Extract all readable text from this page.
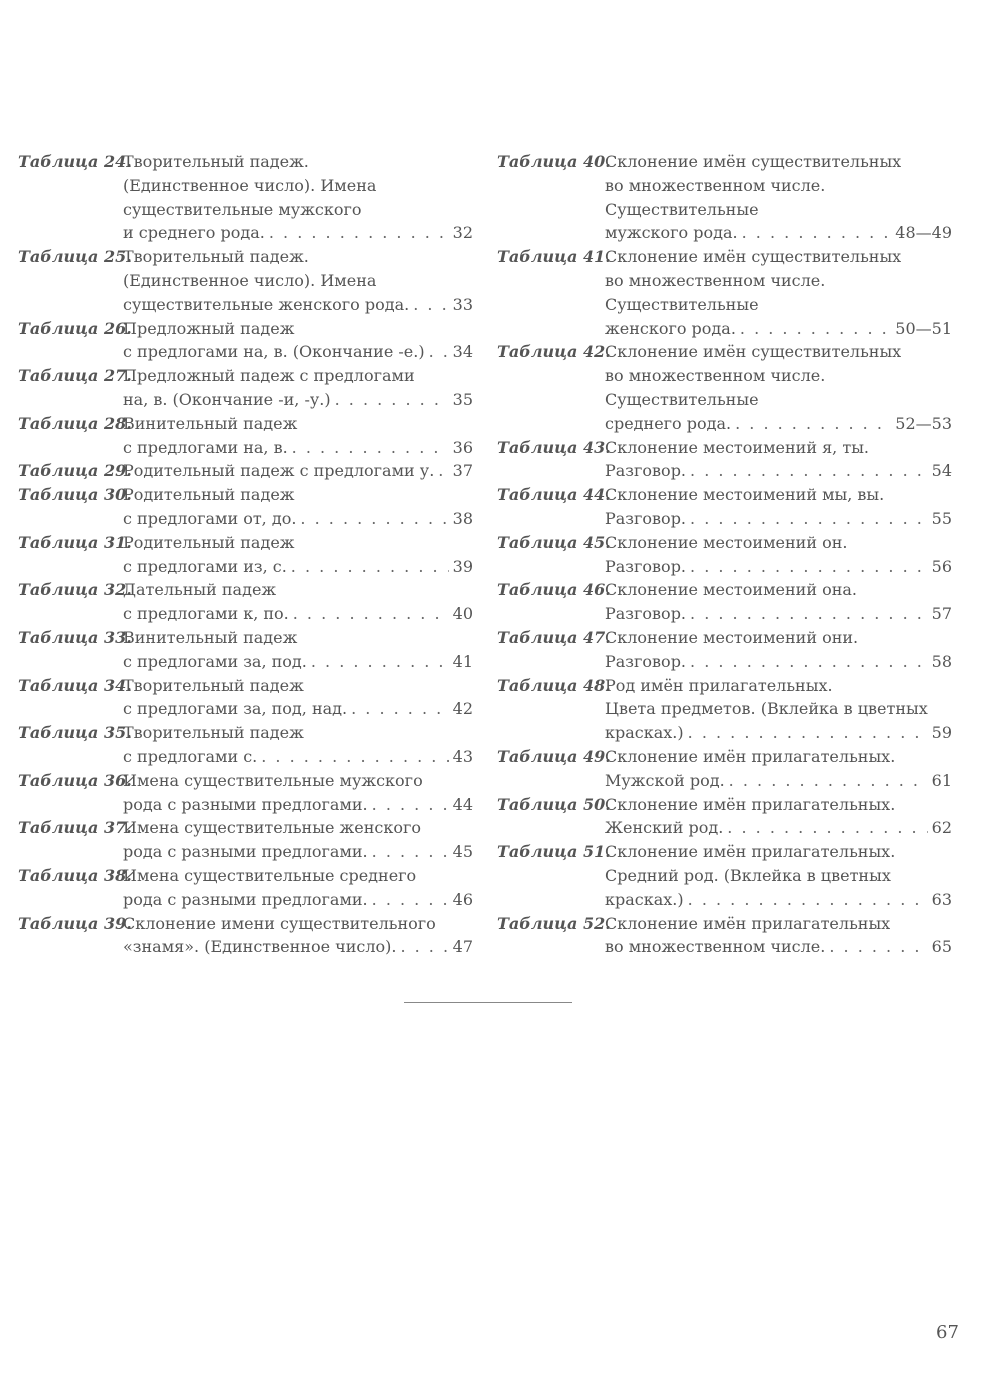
Таблица 24.
Творительный падеж.
(Единственное число). Имена
существительные мужского
и среднего рода. . . .	32
Таблица 25.
Творительный падеж.
(Единственное число). Имена
существительные женского рода. . . .	33
Таблица 26.
Предложный падеж
с предлогами на, в. (Окончание -е.) . . . 34
Таблица 27.
Предложный падеж с предлогами
на, в. (Окончание -и, -у.) . . .	35
Таблица 28.
Винительный падеж
с предлогами на, в. . . .	36
Таблица 29.
Родительный падеж с предлогами у. . . . 37
Таблица 30.
Родительный падеж
с предлогами от, до. . . .	38
Таблица 31.
Родительный падеж
с предлогами из, с. . . .	39
Таблица 32.
Дательный падеж
с предлогами к, по. . . .	40
Таблица 33.
Винительный падеж
с предлогами за, под. . . .	41
Таблица 34.
Творительный падеж
с предлогами за, под, над. . . .	42
Таблица 35.
Творительный падеж
с предлогами с. . . .	43
Таблица 36.
Имена существительные мужского
рода с разными предлогами. . . .	44
Таблица 37.
Имена существительные женского
рода с разными предлогами. . . .	45
Таблица 38.
Имена существительные среднего
рода с разными предлогами. . . .	46
Таблица 39.
Склонение имени существительного
«знамя». (Единственное число). . . .	47
Таблица 40.
Склонение имён существительных
во множественном числе.
Существительные
мужского рода. . . .	48—49
Таблица 41.
Склонение имён существительных
во множественном числе.
Существительные
женского рода. . . .	50—51
Таблица 42.
Склонение имён существительных
во множественном числе.
Существительные
среднего рода. . . .	52—53
Таблица 43.
Склонение местоимений я, ты.
Разговор. . . .	54
Таблица 44.
Склонение местоимений мы, вы.
Разговор. . . .	55
Таблица 45.
Склонение местоимений он.
Разговор. . . .	56
Таблица 46.
Склонение местоимений она.
Разговор. . . .	57
Таблица 47.
Склонение местоимений они.
Разговор. . . .	58
Таблица 48.
Род имён прилагательных.
Цвета предметов. (Вклейка в цветных
красках.) . . .	59
Таблица 49.
Склонение имён прилагательных.
Мужской род. . . .	61
Таблица 50.
Склонение имён прилагательных.
Женский род. . . .	62
Таблица 51.
Склонение имён прилагательных.
Средний род. (Вклейка в цветных
красках.) . . .	63
Таблица 52.
Склонение имён прилагательных
во множественном числе. . . .	65
67
